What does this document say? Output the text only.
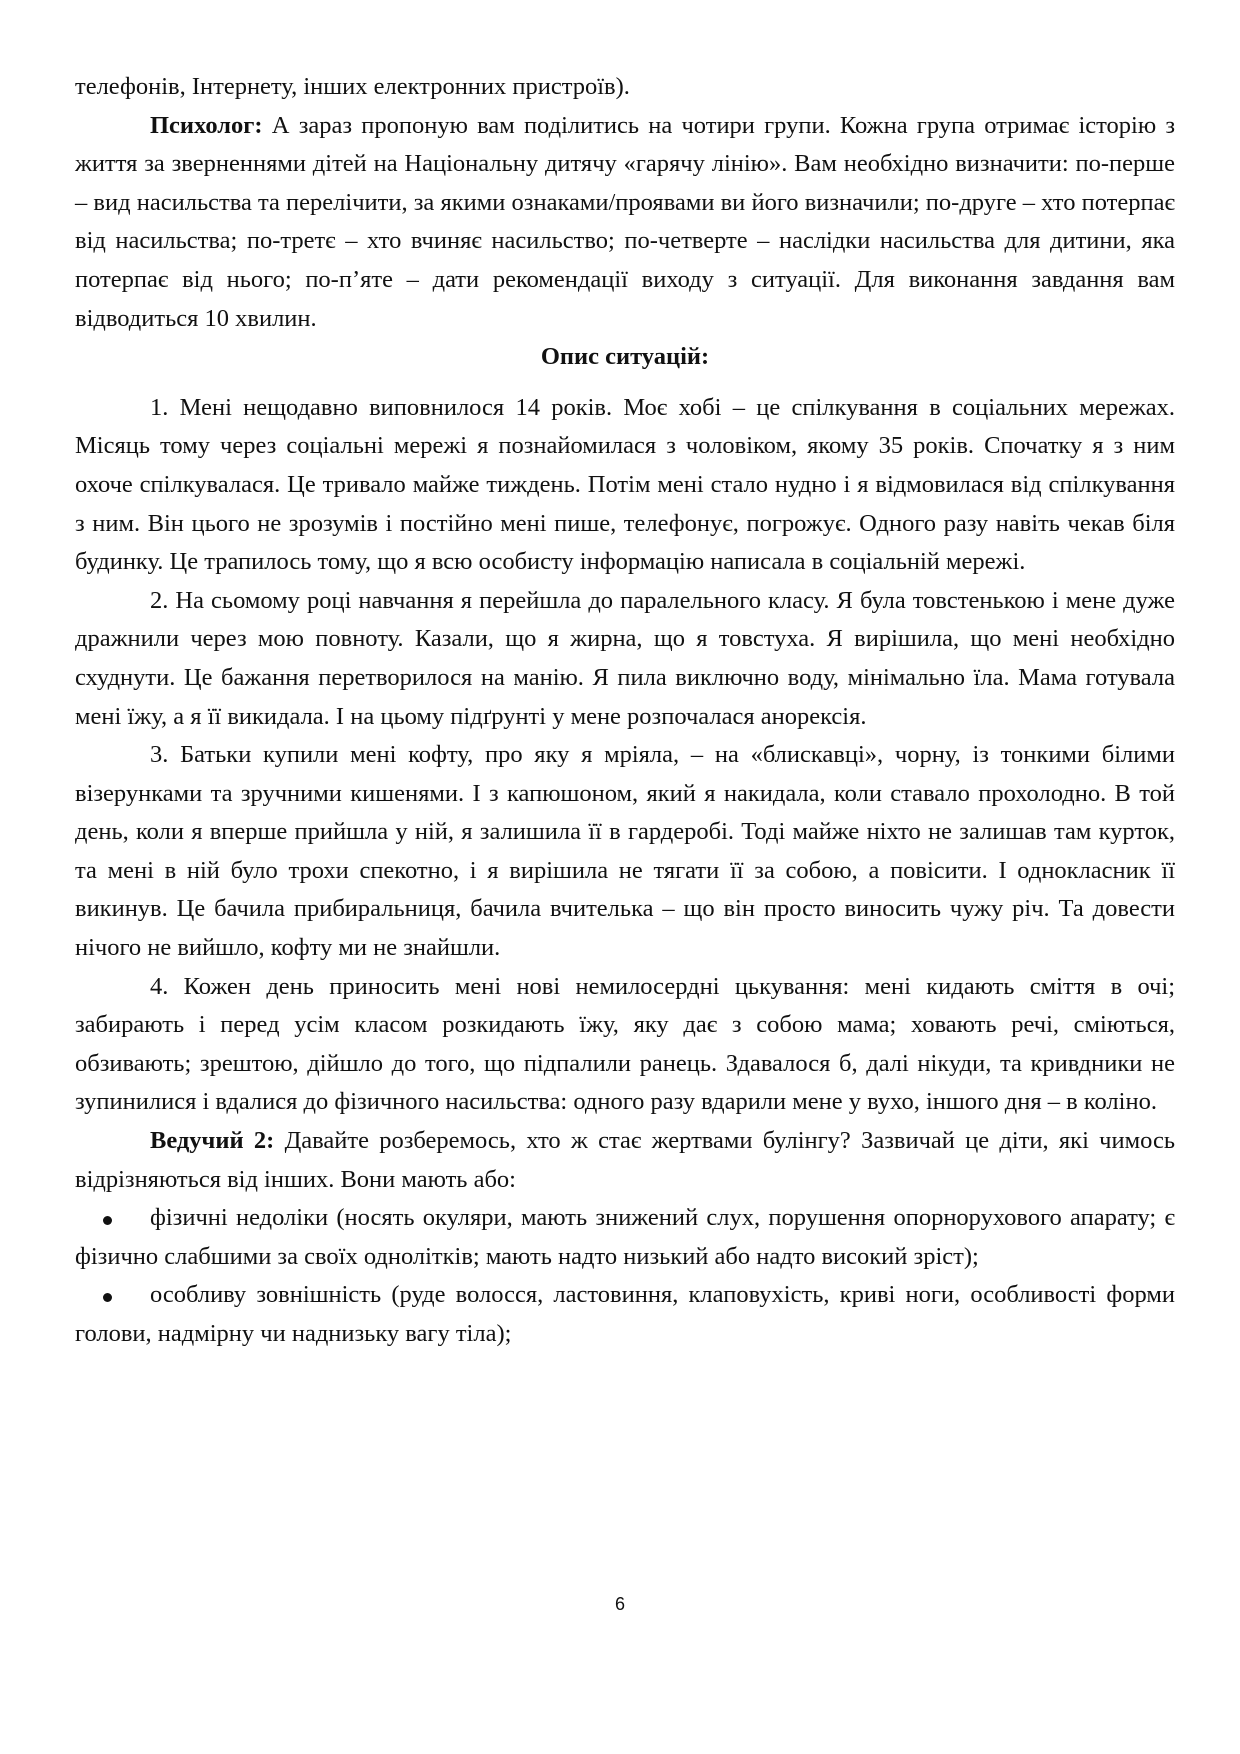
телефонів, Інтернету, інших електронних пристроїв).

Психолог: А зараз пропоную вам поділитись на чотири групи. Кожна група отримає історію з життя за зверненнями дітей на Національну дитячу «гарячу лінію». Вам необхідно визначити: по-перше – вид насильства та перелічити, за якими ознаками/проявами ви його визначили; по-друге – хто потерпає від насильства; по-третє – хто вчиняє насильство; по-четверте – наслідки насильства для дитини, яка потерпає від нього; по-п’яте – дати рекомендації виходу з ситуації. Для виконання завдання вам відводиться 10 хвилин.

Опис ситуацій:

1. Мені нещодавно виповнилося 14 років. Моє хобі – це спілкування в соціальних мережах. Місяць тому через соціальні мережі я познайомилася з чоловіком, якому 35 років. Спочатку я з ним охоче спілкувалася. Це тривало майже тиждень. Потім мені стало нудно і я відмовилася від спілкування з ним. Він цього не зрозумів і постійно мені пише, телефонує, погрожує. Одного разу навіть чекав біля будинку. Це трапилось тому, що я всю особисту інформацію написала в соціальній мережі.

2. На сьомому році навчання я перейшла до паралельного класу. Я була товстенькою і мене дуже дражнили через мою повноту. Казали, що я жирна, що я товстуха. Я вирішила, що мені необхідно схуднути. Це бажання перетворилося на манію. Я пила виключно воду, мінімально їла. Мама готувала мені їжу, а я її викидала. І на цьому підґрунті у мене розпочалася анорексія.

3. Батьки купили мені кофту, про яку я мріяла, – на «блискавці», чорну, із тонкими білими візерунками та зручними кишенями. І з капюшоном, який я накидала, коли ставало прохолодно. В той день, коли я вперше прийшла у ній, я залишила її в гардеробі. Тоді майже ніхто не залишав там курток, та мені в ній було трохи спекотно, і я вирішила не тягати її за собою, а повісити. І однокласник її викинув. Це бачила прибиральниця, бачила вчителька – що він просто виносить чужу річ. Та довести нічого не вийшло, кофту ми не знайшли.

4. Кожен день приносить мені нові немилосердні цькування: мені кидають сміття в очі; забирають і перед усім класом розкидають їжу, яку дає з собою мама; ховають речі, сміються, обзивають; зрештою, дійшло до того, що підпалили ранець. Здавалося б, далі нікуди, та кривдники не зупинилися і вдалися до фізичного насильства: одного разу вдарили мене у вухо, іншого дня – в коліно.

Ведучий 2: Давайте розберемось, хто ж стає жертвами булінгу? Зазвичай це діти, які чимось відрізняються від інших. Вони мають або:

фізичні недоліки (носять окуляри, мають знижений слух, порушення опорнорухового апарату; є фізично слабшими за своїх однолітків; мають надто низький або надто високий зріст);
особливу зовнішність (руде волосся, ластовиння, клаповухість, криві ноги, особливості форми голови, надмірну чи наднизьку вагу тіла);
6
